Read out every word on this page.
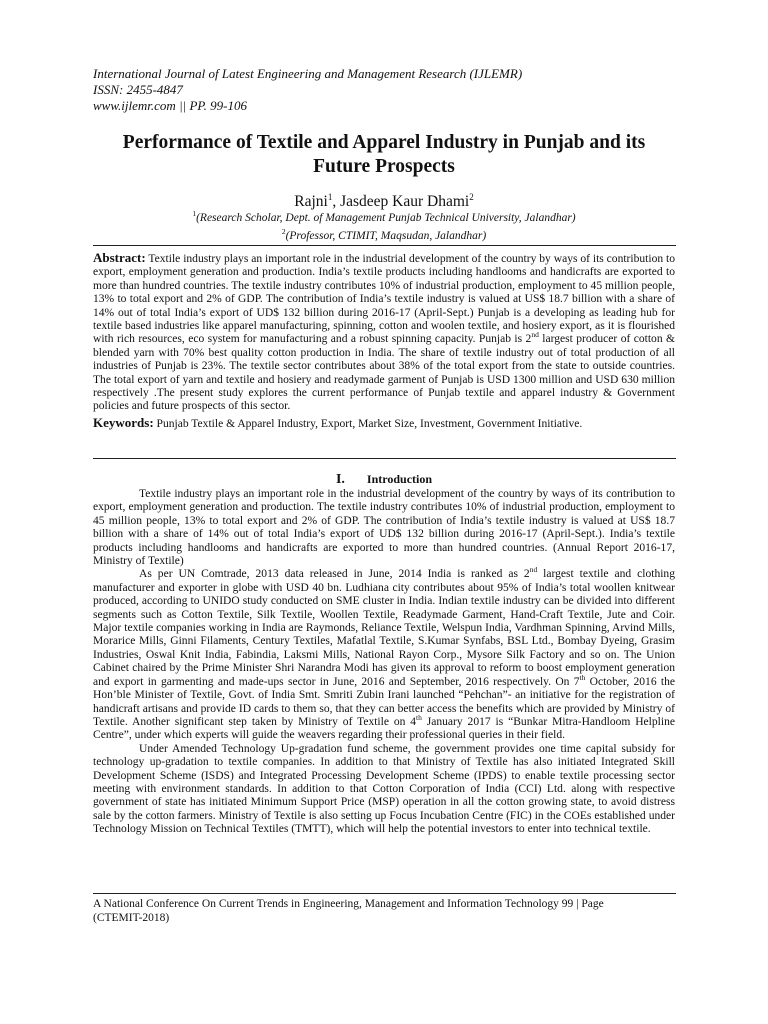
International Journal of Latest Engineering and Management Research (IJLEMR)
ISSN: 2455-4847
www.ijlemr.com || PP. 99-106
Performance of Textile and Apparel Industry in Punjab and its
Future Prospects
Rajni$^1$, Jasdeep Kaur Dhami$^2$
$^1$(Research Scholar, Dept. of Management Punjab Technical University, Jalandhar)
$^2$(Professor, CTIMIT, Maqsudan, Jalandhar)

Abstract: Textile industry plays an important role in the industrial development of the country by ways of its contribution to export, employment generation and production. India’s textile products including handlooms and handicrafts are exported to more than hundred countries. The textile industry contributes 10% of industrial production, employment to 45 million people, 13% to total export and 2% of GDP. The contribution of India’s textile industry is valued at US$ 18.7 billion with a share of 14% out of total India’s export of UD$ 132 billion during 2016-17 (April-Sept.) Punjab is a developing as leading hub for textile based industries like apparel manufacturing, spinning, cotton and woolen textile, and hosiery export, as it is flourished with rich resources, eco system for manufacturing and a robust spinning capacity. Punjab is 2nd largest producer of cotton & blended yarn with 70% best quality cotton production in India. The share of textile industry out of total production of all industries of Punjab is 23%. The textile sector contributes about 38% of the total export from the state to outside countries. The total export of yarn and textile and hosiery and readymade garment of Punjab is USD 1300 million and USD 630 million respectively .The present study explores the current performance of Punjab textile and apparel industry & Government policies and future prospects of this sector.

Keywords: Punjab Textile & Apparel Industry, Export, Market Size, Investment, Government Initiative.

I. Introduction

Textile industry plays an important role in the industrial development of the country by ways of its contribution to export, employment generation and production. The textile industry contributes 10% of industrial production, employment to 45 million people, 13% to total export and 2% of GDP. The contribution of India’s textile industry is valued at US$ 18.7 billion with a share of 14% out of total India’s export of UD$ 132 billion during 2016-17 (April-Sept.). India’s textile products including handlooms and handicrafts are exported to more than hundred countries. (Annual Report 2016-17, Ministry of Textile)

As per UN Comtrade, 2013 data released in June, 2014 India is ranked as 2nd largest textile and clothing manufacturer and exporter in globe with USD 40 bn. Ludhiana city contributes about 95% of India’s total woollen knitwear produced, according to UNIDO study conducted on SME cluster in India. Indian textile industry can be divided into different segments such as Cotton Textile, Silk Textile, Woollen Textile, Readymade Garment, Hand-Craft Textile, Jute and Coir. Major textile companies working in India are Raymonds, Reliance Textile, Welspun India, Vardhman Spinning, Arvind Mills, Morarice Mills, Ginni Filaments, Century Textiles, Mafatlal Textile, S.Kumar Synfabs, BSL Ltd., Bombay Dyeing, Grasim Industries, Oswal Knit India, Fabindia, Laksmi Mills, National Rayon Corp., Mysore Silk Factory and so on. The Union Cabinet chaired by the Prime Minister Shri Narandra Modi has given its approval to reform to boost employment generation and export in garmenting and made-ups sector in June, 2016 and September, 2016 respectively. On 7th October, 2016 the Hon’ble Minister of Textile, Govt. of India Smt. Smriti Zubin Irani launched “Pehchan”- an initiative for the registration of handicraft artisans and provide ID cards to them so, that they can better access the benefits which are provided by Ministry of Textile. Another significant step taken by Ministry of Textile on 4th January 2017 is “Bunkar Mitra-Handloom Helpline Centre”, under which experts will guide the weavers regarding their professional queries in their field.

Under Amended Technology Up-gradation fund scheme, the government provides one time capital subsidy for technology up-gradation to textile companies. In addition to that Ministry of Textile has also initiated Integrated Skill Development Scheme (ISDS) and Integrated Processing Development Scheme (IPDS) to enable textile processing sector meeting with environment standards. In addition to that Cotton Corporation of India (CCI) Ltd. along with respective government of state has initiated Minimum Support Price (MSP) operation in all the cotton growing state, to avoid distress sale by the cotton farmers. Ministry of Textile is also setting up Focus Incubation Centre (FIC) in the COEs established under Technology Mission on Technical Textiles (TMTT), which will help the potential investors to enter into technical textile.

A National Conference On Current Trends in Engineering, Management and Information Technology 99 | Page
(CTEMIT-2018)
